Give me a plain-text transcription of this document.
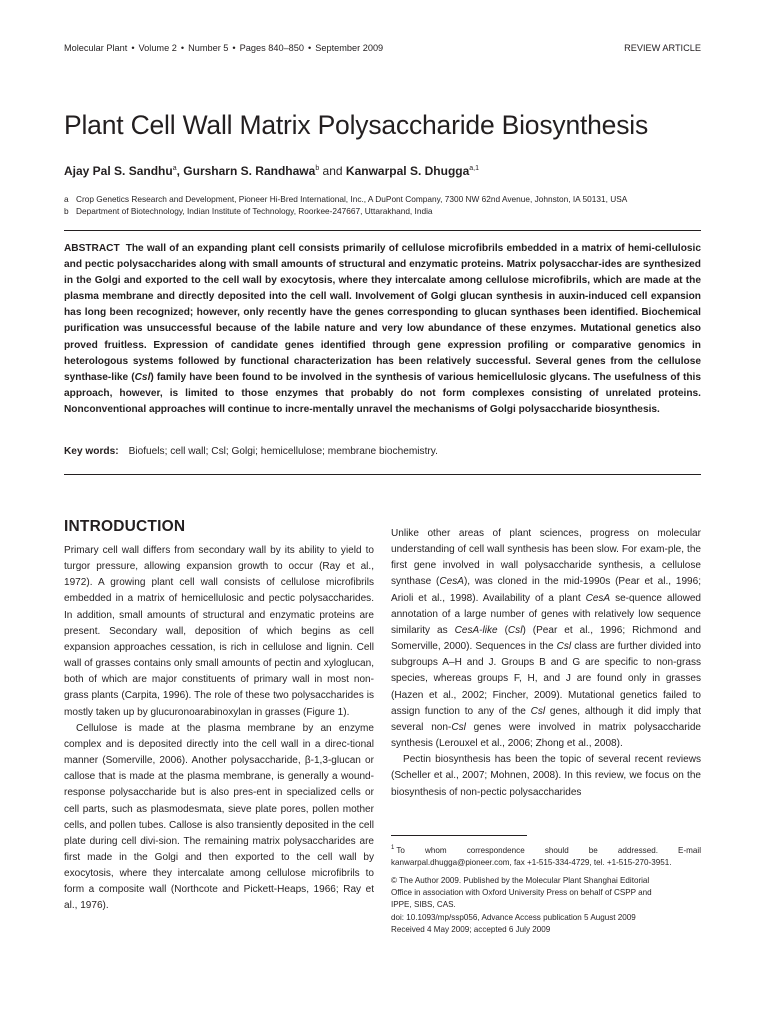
Molecular Plant • Volume 2 • Number 5 • Pages 840–850 • September 2009	REVIEW ARTICLE
Plant Cell Wall Matrix Polysaccharide Biosynthesis
Ajay Pal S. Sandhu$^a$, Gursharn S. Randhawa$^b$ and Kanwarpal S. Dhugga$^{a,1}$
a Crop Genetics Research and Development, Pioneer Hi-Bred International, Inc., A DuPont Company, 7300 NW 62nd Avenue, Johnston, IA 50131, USA
b Department of Biotechnology, Indian Institute of Technology, Roorkee-247667, Uttarakhand, India
ABSTRACT The wall of an expanding plant cell consists primarily of cellulose microfibrils embedded in a matrix of hemi-cellulosic and pectic polysaccharides along with small amounts of structural and enzymatic proteins. Matrix polysacchar-ides are synthesized in the Golgi and exported to the cell wall by exocytosis, where they intercalate among cellulose microfibrils, which are made at the plasma membrane and directly deposited into the cell wall. Involvement of Golgi glucan synthesis in auxin-induced cell expansion has long been recognized; however, only recently have the genes corresponding to glucan synthases been identified. Biochemical purification was unsuccessful because of the labile nature and very low abundance of these enzymes. Mutational genetics also proved fruitless. Expression of candidate genes identified through gene expression profiling or comparative genomics in heterologous systems followed by functional characterization has been relatively successful. Several genes from the cellulose synthase-like (Csl) family have been found to be involved in the synthesis of various hemicellulosic glycans. The usefulness of this approach, however, is limited to those enzymes that probably do not form complexes consisting of unrelated proteins. Nonconventional approaches will continue to incre-mentally unravel the mechanisms of Golgi polysaccharide biosynthesis.
Key words: Biofuels; cell wall; Csl; Golgi; hemicellulose; membrane biochemistry.
INTRODUCTION

Primary cell wall differs from secondary wall by its ability to yield to turgor pressure, allowing expansion growth to occur (Ray et al., 1972). A growing plant cell wall consists of cellulose microfibrils embedded in a matrix of hemicellulosic and pectic polysaccharides. In addition, small amounts of structural and enzymatic proteins are present. Secondary wall, deposition of which begins as cell expansion approaches cessation, is rich in cellulose and lignin. Cell wall of grasses contains only small amounts of pectin and xyloglucan, both of which are major constituents of primary wall in most non-grass plants (Carpita, 1996). The role of these two polysaccharides is mostly taken up by glucuronoarabinoxylan in grasses (Figure 1).

Cellulose is made at the plasma membrane by an enzyme complex and is deposited directly into the cell wall in a direc-tional manner (Somerville, 2006). Another polysaccharide, β-1,3-glucan or callose that is made at the plasma membrane, is generally a wound-response polysaccharide but is also pres-ent in specialized cells or cell parts, such as plasmodesmata, sieve plate pores, pollen mother cells, and pollen tubes. Callose is also transiently deposited in the cell plate during cell divi-sion. The remaining matrix polysaccharides are first made in the Golgi and then exported to the cell wall by exocytosis, where they intercalate among cellulose microfibrils to form a composite wall (Northcote and Pickett-Heaps, 1966; Ray et al., 1976).

Unlike other areas of plant sciences, progress on molecular understanding of cell wall synthesis has been slow. For exam-ple, the first gene involved in wall polysaccharide synthesis, a cellulose synthase (CesA), was cloned in the mid-1990s (Pear et al., 1996; Arioli et al., 1998). Availability of a plant CesA se-quence allowed annotation of a large number of genes with relatively low sequence similarity as CesA-like (Csl) (Pear et al., 1996; Richmond and Somerville, 2000). Sequences in the Csl class are further divided into subgroups A–H and J. Groups B and G are specific to non-grass species, whereas groups F, H, and J are found only in grasses (Hazen et al., 2002; Fincher, 2009). Mutational genetics failed to assign function to any of the Csl genes, although it did imply that several non-Csl genes were involved in matrix polysaccharide synthesis (Lerouxel et al., 2006; Zhong et al., 2008).

Pectin biosynthesis has been the topic of several recent reviews (Scheller et al., 2007; Mohnen, 2008). In this review, we focus on the biosynthesis of non-pectic polysaccharides

$^1$ To whom correspondence should be addressed. E-mail kanwarpal.dhugga@pioneer.com, fax +1-515-334-4729, tel. +1-515-270-3951.
© The Author 2009. Published by the Molecular Plant Shanghai Editorial
Office in association with Oxford University Press on behalf of CSPP and
IPPE, SIBS, CAS.
doi: 10.1093/mp/ssp056, Advance Access publication 5 August 2009
Received 4 May 2009; accepted 6 July 2009
